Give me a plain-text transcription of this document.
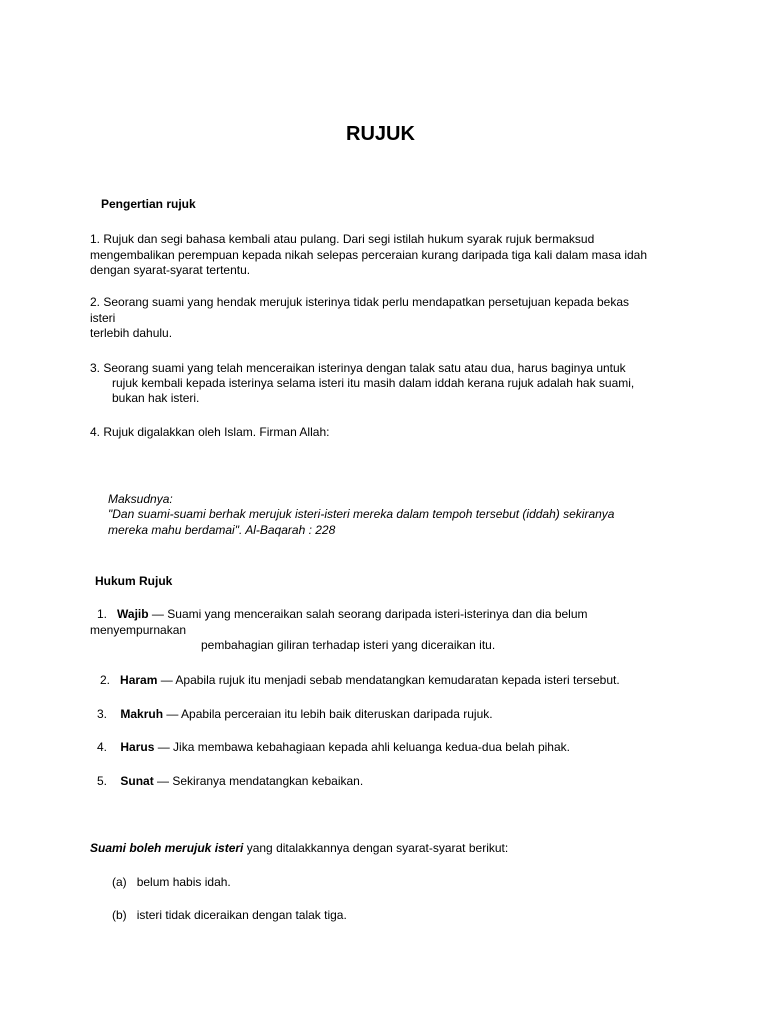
RUJUK
Pengertian rujuk
1. Rujuk dan segi bahasa kembali atau pulang. Dari segi istilah hukum syarak rujuk bermaksud
mengembalikan perempuan kepada nikah selepas perceraian kurang daripada tiga kali dalam masa idah
dengan syarat-syarat tertentu.
2. Seorang suami yang hendak merujuk isterinya tidak perlu mendapatkan persetujuan kepada bekas
isteri
terlebih dahulu.
3. Seorang suami yang telah menceraikan isterinya dengan talak satu atau dua, harus baginya untuk
rujuk kembali kepada isterinya selama isteri itu masih dalam iddah kerana rujuk adalah hak suami,
bukan hak isteri.
4. Rujuk digalakkan oleh Islam. Firman Allah:
Maksudnya:
"Dan suami-suami berhak merujuk isteri-isteri mereka dalam tempoh tersebut (iddah) sekiranya
mereka mahu berdamai". Al-Baqarah : 228
Hukum Rujuk
1. Wajib — Suami yang menceraikan salah seorang daripada isteri-isterinya dan dia belum
menyempurnakan
pembahagian giliran terhadap isteri yang diceraikan itu.
2. Haram — Apabila rujuk itu menjadi sebab mendatangkan kemudaratan kepada isteri tersebut.
3. Makruh — Apabila perceraian itu lebih baik diteruskan daripada rujuk.
4. Harus — Jika membawa kebahagiaan kepada ahli keluanga kedua-dua belah pihak.
5. Sunat — Sekiranya mendatangkan kebaikan.
Suami boleh merujuk isteri yang ditalakkannya dengan syarat-syarat berikut:
(a) belum habis idah.
(b) isteri tidak diceraikan dengan talak tiga.
